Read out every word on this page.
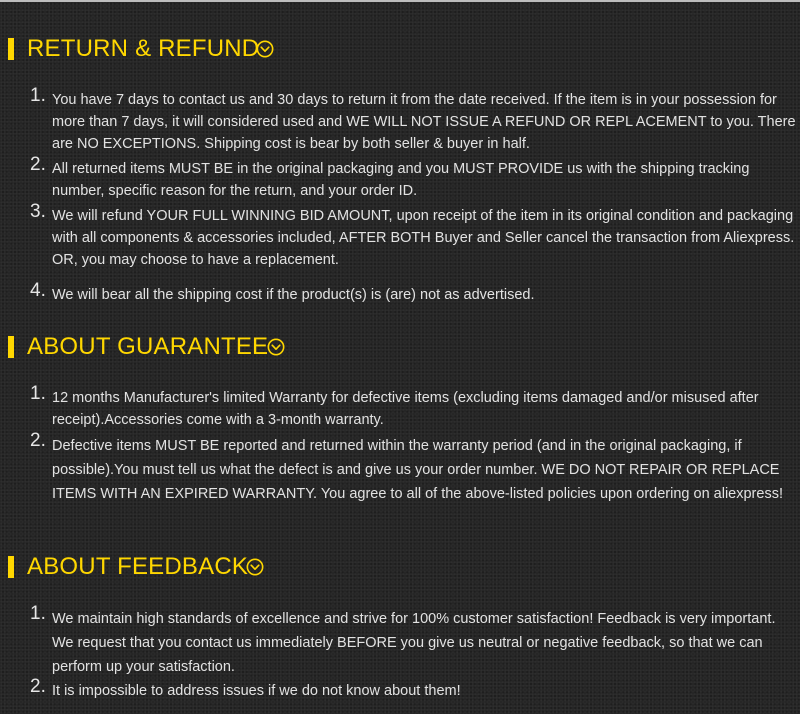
RETURN & REFUND
1. You have 7 days to contact us and 30 days to return it from the date received. If the item is in your possession for more than 7 days, it will considered used and WE WILL NOT ISSUE A REFUND OR REPL ACEMENT to you. There are NO EXCEPTIONS. Shipping cost is bear by both seller & buyer in half.
2. All returned items MUST BE in the original packaging and you MUST PROVIDE us with the shipping tracking number, specific reason for the return, and your order ID.
3. We will refund YOUR FULL WINNING BID AMOUNT, upon receipt of the item in its original condition and packaging with all components & accessories included, AFTER BOTH Buyer and Seller cancel the transaction from Aliexpress. OR, you may choose to have a replacement.
4. We will bear all the shipping cost if the product(s) is (are) not as advertised.
ABOUT GUARANTEE
1. 12 months Manufacturer's limited Warranty for defective items (excluding items damaged and/or misused after receipt).Accessories come with a 3-month warranty.
2. Defective items MUST BE reported and returned within the warranty period (and in the original packaging, if possible).You must tell us what the defect is and give us your order number. WE DO NOT REPAIR OR REPLACE ITEMS WITH AN EXPIRED WARRANTY. You agree to all of the above-listed policies upon ordering on aliexpress!
ABOUT FEEDBACK
1. We maintain high standards of excellence and strive for 100% customer satisfaction! Feedback is very important. We request that you contact us immediately BEFORE you give us neutral or negative feedback, so that we can perform up your satisfaction.
2. It is impossible to address issues if we do not know about them!
